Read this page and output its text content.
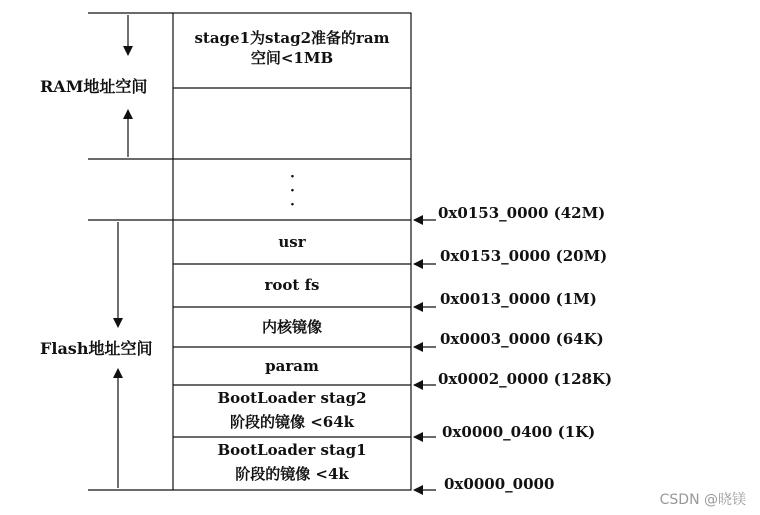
RAM地址空间
Flash地址空间
stage1为stag2准备的ram
空间<1MB
·
·
·
usr
root fs
内核镜像
param
BootLoader stag2
阶段的镜像 <64k
BootLoader stag1
阶段的镜像 <4k
0x0153_0000 (42M)
0x0153_0000 (20M)
0x0013_0000 (1M)
0x0003_0000 (64K)
0x0002_0000 (128K)
0x0000_0400 (1K)
0x0000_0000
CSDN @晓镁
